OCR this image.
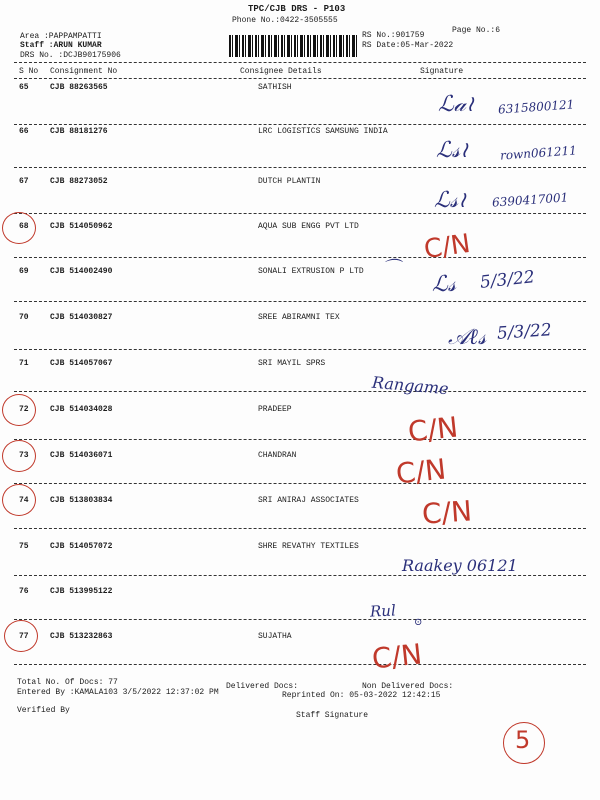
TPC/CJB DRS - P103
Phone No.:0422-3505555
Page No.:6
Area :PAPPAMPATTI
Staff :ARUN KUMAR
DRS No. :DCJB90175906
RS No.:901759
RS Date:05-Mar-2022
S No Consignment No	Consignee Details	Signature
65	CJB 88263565	SATHISH
66	CJB 88181276	LRC LOGISTICS SAMSUNG INDIA
67	CJB 88273052	DUTCH PLANTIN
68	CJB 514050962	AQUA SUB ENGG PVT LTD
69	CJB 514002490	SONALI EXTRUSION P LTD
70	CJB 514030827	SREE ABIRAMNI TEX
71	CJB 514057067	SRI MAYIL SPRS
72	CJB 514034028	PRADEEP
73	CJB 514036071	CHANDRAN
74	CJB 513803834	SRI ANIRAJ ASSOCIATES
75	CJB 514057072	SHRE REVATHY TEXTILES
76	CJB 513995122
77	CJB 513232863	SUJATHA
Total No. Of Docs: 77	Delivered Docs:	Non Delivered Docs:
Entered By :KAMALA103 3/5/2022 12:37:02 PM	Reprinted On: 05-03-2022 12:42:15
Verified By
Staff Signature
ℒ𝒶≀ 6315800121
ℒ𝓈≀	rown061211
ℒ𝓈≀ 6390417001
⌒
ℒ𝓈 5/3/22
𝒜ℓ𝓈 5/3/22
Rangame
Raakey 06121
Rul
⊙
C/N
C/N
C/N
C/N
C/N
5
